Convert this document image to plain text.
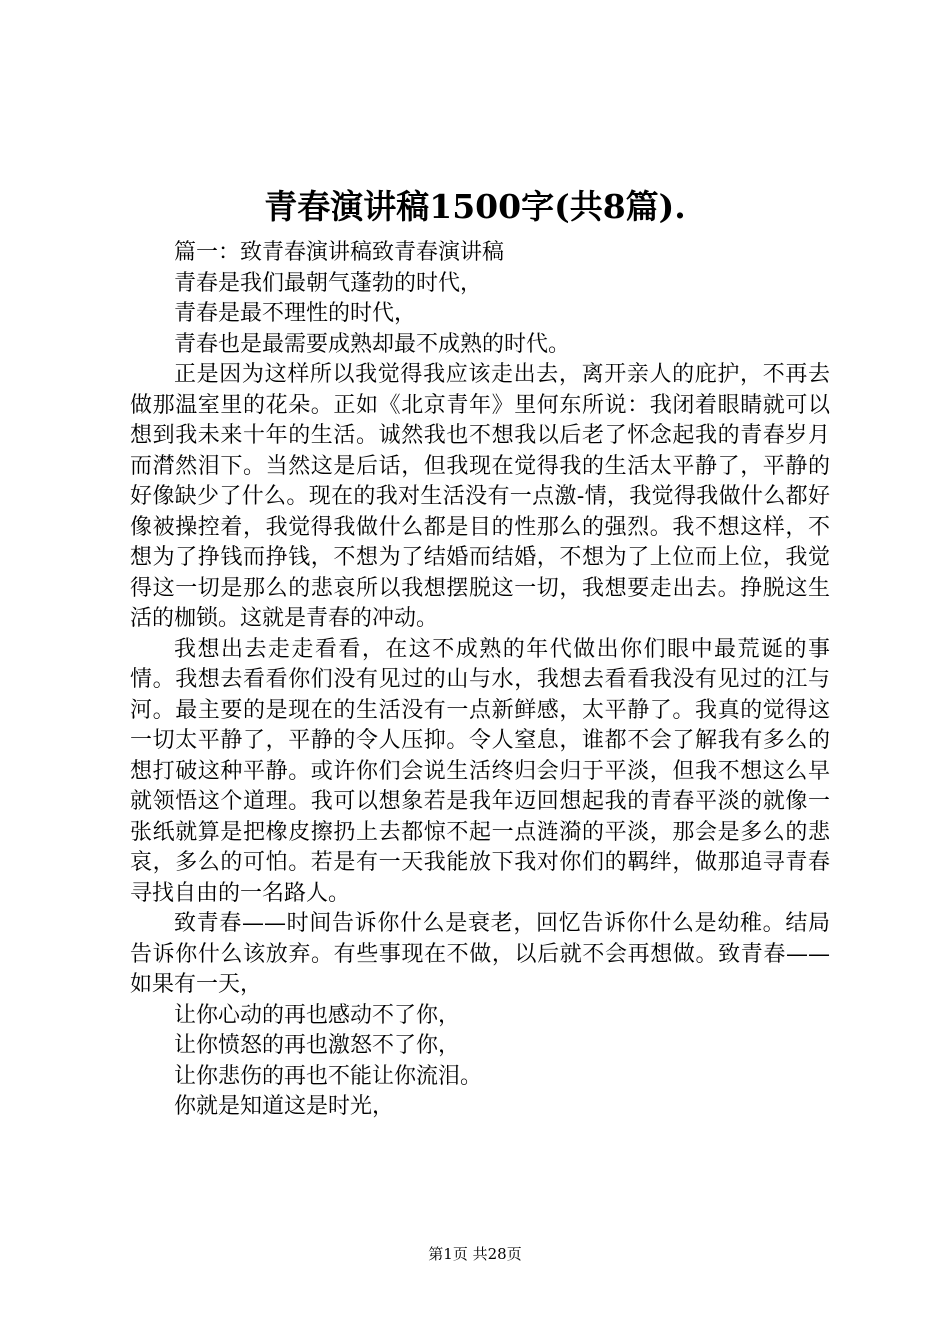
青春演讲稿1500字(共8篇).

篇一：致青春演讲稿致青春演讲稿

青春是我们最朝气蓬勃的时代，

青春是最不理性的时代，

青春也是最需要成熟却最不成熟的时代。

正是因为这样所以我觉得我应该走出去，离开亲人的庇护，不再去做那温室里的花朵。正如《北京青年》里何东所说：我闭着眼睛就可以想到我未来十年的生活。诚然我也不想我以后老了怀念起我的青春岁月而潸然泪下。当然这是后话，但我现在觉得我的生活太平静了，平静的好像缺少了什么。现在的我对生活没有一点激-情，我觉得我做什么都好像被操控着，我觉得我做什么都是目的性那么的强烈。我不想这样，不想为了挣钱而挣钱，不想为了结婚而结婚，不想为了上位而上位，我觉得这一切是那么的悲哀所以我想摆脱这一切，我想要走出去。挣脱这生活的枷锁。这就是青春的冲动。

我想出去走走看看，在这不成熟的年代做出你们眼中最荒诞的事情。我想去看看你们没有见过的山与水，我想去看看我没有见过的江与河。最主要的是现在的生活没有一点新鲜感，太平静了。我真的觉得这一切太平静了，平静的令人压抑。令人窒息，谁都不会了解我有多么的想打破这种平静。或许你们会说生活终归会归于平淡，但我不想这么早就领悟这个道理。我可以想象若是我年迈回想起我的青春平淡的就像一张纸就算是把橡皮擦扔上去都惊不起一点涟漪的平淡，那会是多么的悲哀，多么的可怕。若是有一天我能放下我对你们的羁绊，做那追寻青春寻找自由的一名路人。

致青春——时间告诉你什么是衰老，回忆告诉你什么是幼稚。结局告诉你什么该放弃。有些事现在不做，以后就不会再想做。致青春——如果有一天，

让你心动的再也感动不了你，

让你愤怒的再也激怒不了你，

让你悲伤的再也不能让你流泪。

你就是知道这是时光，

第1页 共28页
